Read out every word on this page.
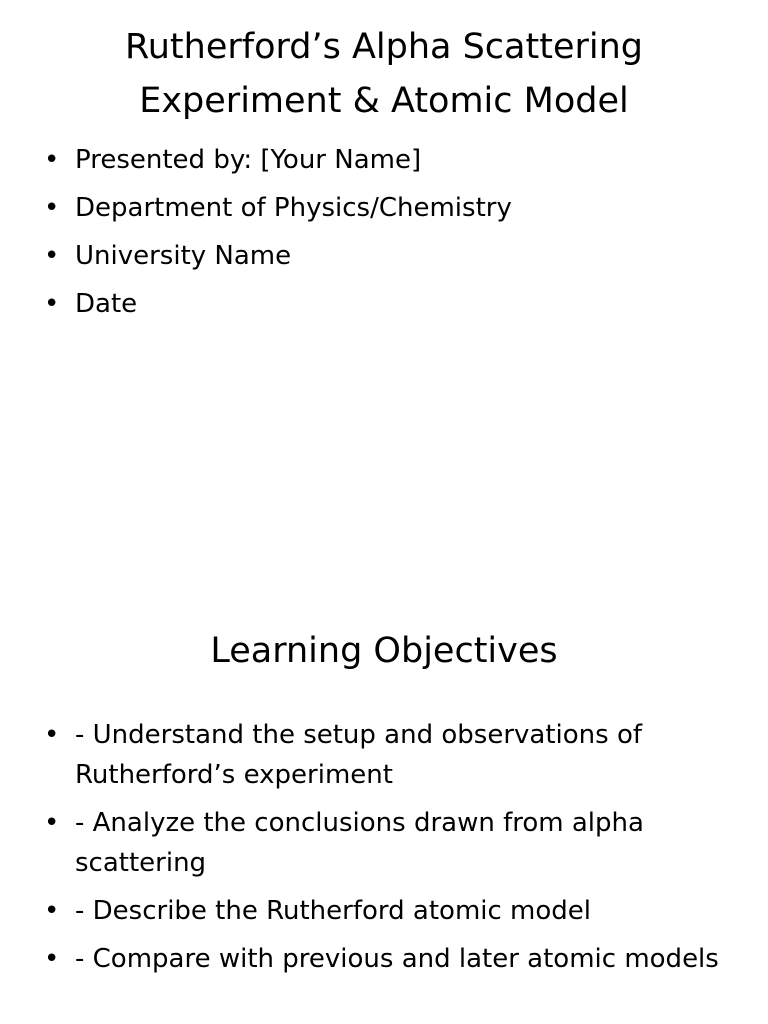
Rutherford’s Alpha Scattering
Experiment & Atomic Model
• Presented by: [Your Name]
• Department of Physics/Chemistry
• University Name
• Date
Learning Objectives
• - Understand the setup and observations of Rutherford’s experiment
• - Analyze the conclusions drawn from alpha scattering
• - Describe the Rutherford atomic model
• - Compare with previous and later atomic models
